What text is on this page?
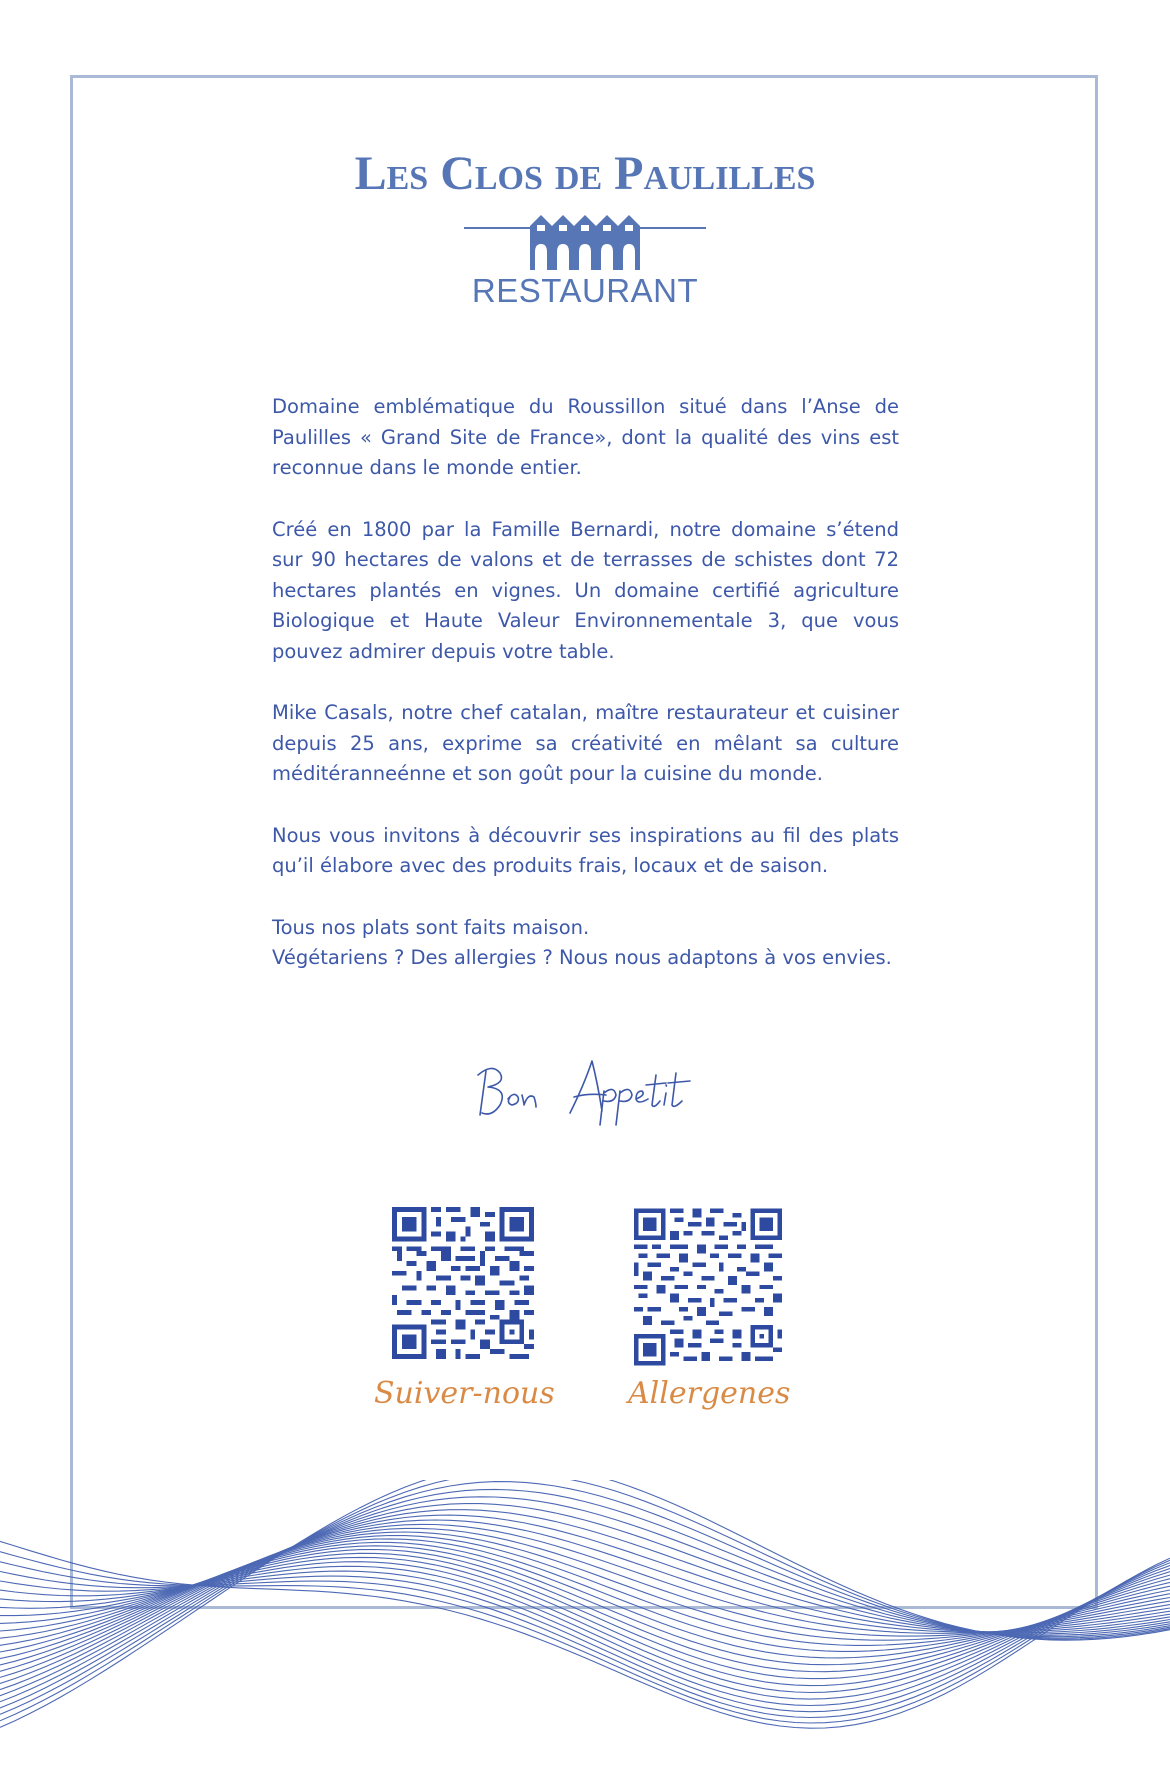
Les Clos de Paulilles
RESTAURANT

Domaine emblématique du Roussillon situé dans l’Anse de Paulilles « Grand Site de France», dont la qualité des vins est reconnue dans le monde entier.

Créé en 1800 par la Famille Bernardi, notre domaine s’étend sur 90 hectares de valons et de terrasses de schistes dont 72 hectares plantés en vignes. Un domaine certifié agriculture Biologique et Haute Valeur Environnementale 3, que vous pouvez admirer depuis votre table.

Mike Casals, notre chef catalan, maître restaurateur et cuisiner depuis 25 ans, exprime sa créativité en mêlant sa culture méditéranneénne et son goût pour la cuisine du monde.

Nous vous invitons à découvrir ses inspirations au fil des plats qu’il élabore avec des produits frais, locaux et de saison.

Tous nos plats sont faits maison.
Végétariens ? Des allergies ? Nous nous adaptons à vos envies.

Suiver-nous Allergenes
